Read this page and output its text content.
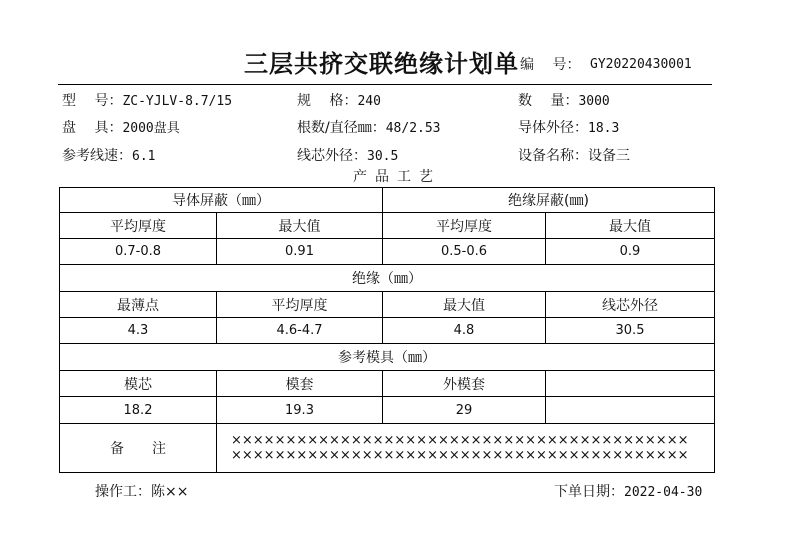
三层共挤交联绝缘计划单 编　 号： GY20220430001
型　 号：ZC-YJLV-8.7/15	规　 格：240	数　 量：3000
盘　 具：2000盘具	根数/直径㎜：48/2.53	导体外径：18.3
参考线速：6.1	线芯外径：30.5	设备名称：设备三
产品工艺
导体屏蔽（㎜）		绝缘屏蔽(㎜)	
平均厚度	最大值	平均厚度	最大值
0.7-0.8	0.91	0.5-0.6	0.9
绝缘（㎜）			
最薄点	平均厚度	最大值	线芯外径
4.3	4.6-4.7	4.8	30.5
参考模具（㎜）			
模芯	模套	外模套	
18.2	19.3	29	
备　　注	××××××××××××××××××××××××××××××××××××××××××
××××××××××××××××××××××××××××××××××××××××××		
操作工：陈××	下单日期：2022-04-30
